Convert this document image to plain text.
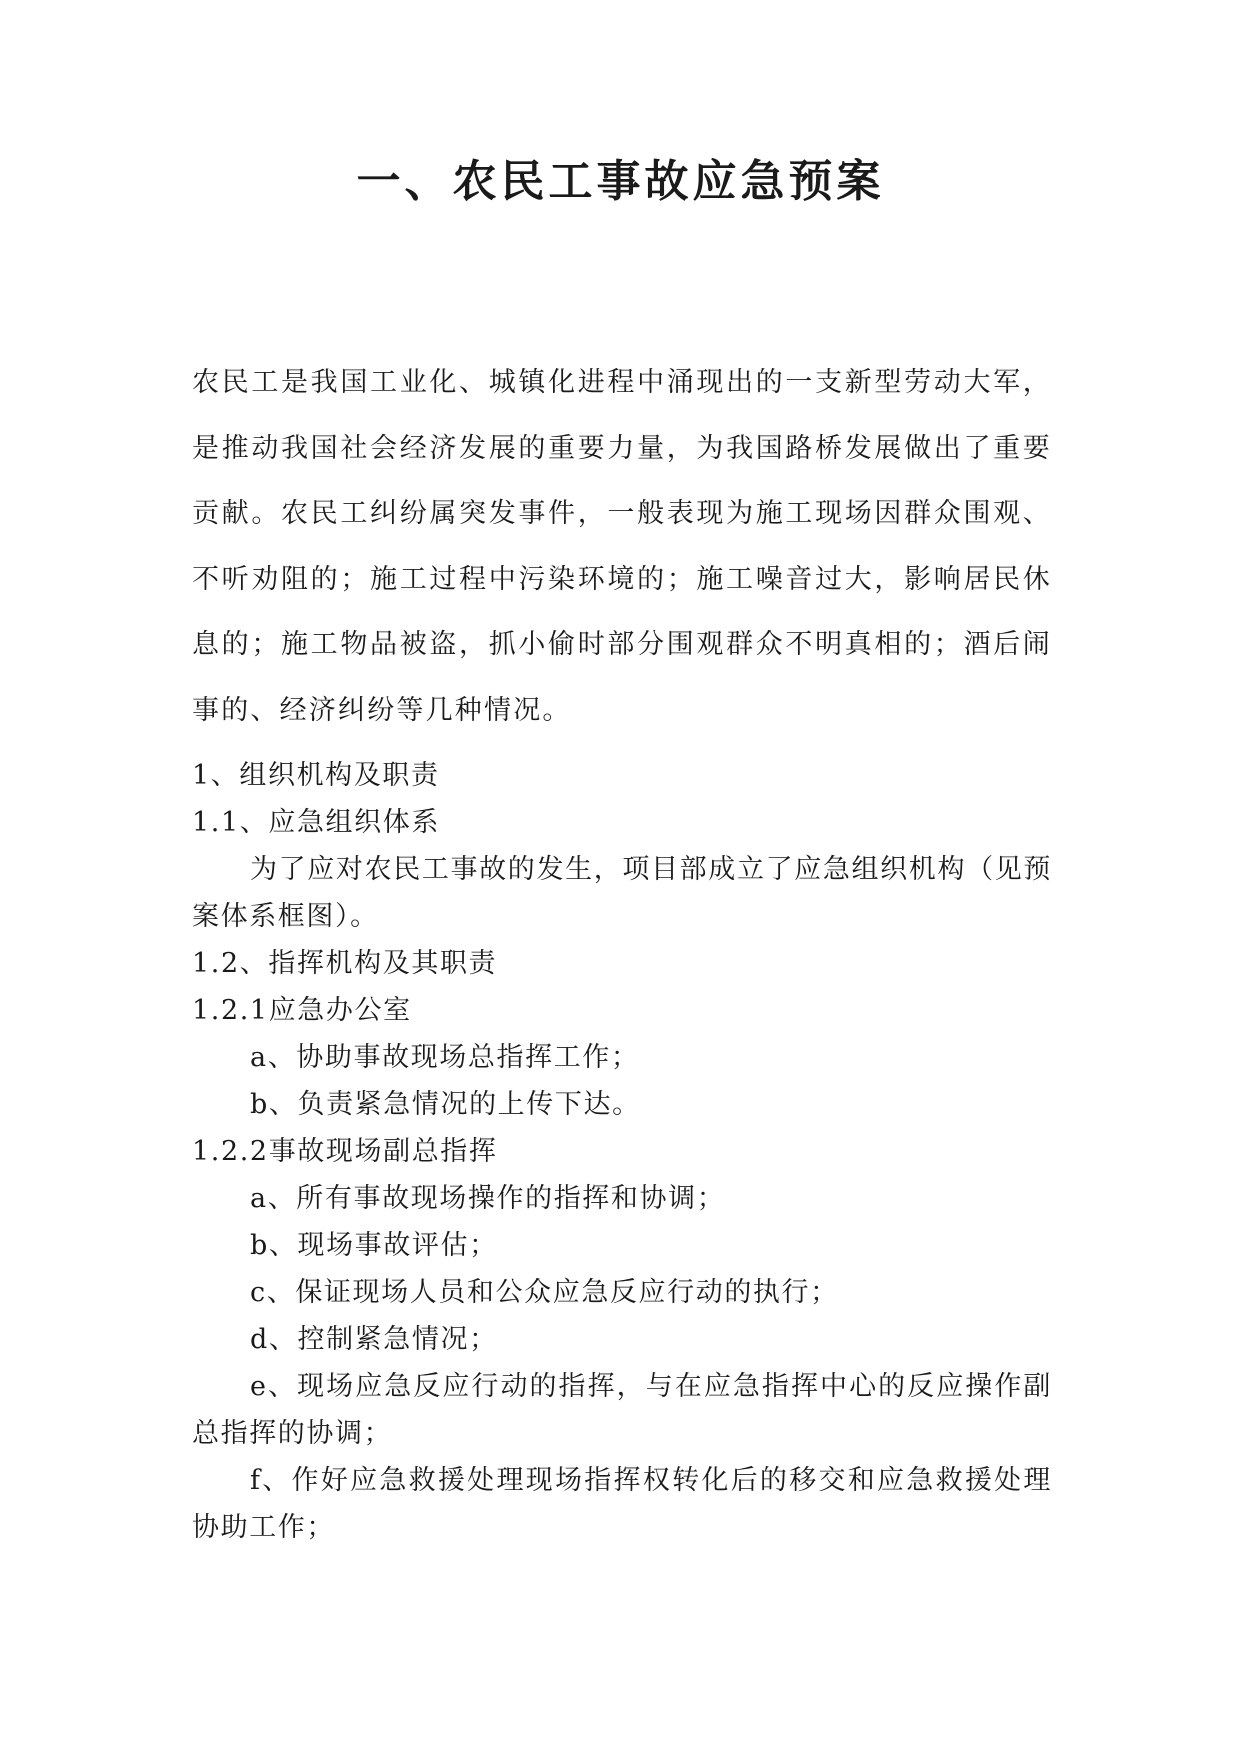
一、农民工事故应急预案

农民工是我国工业化、城镇化进程中涌现出的一支新型劳动大军，是推动我国社会经济发展的重要力量，为我国路桥发展做出了重要贡献。农民工纠纷属突发事件，一般表现为施工现场因群众围观、不听劝阻的；施工过程中污染环境的；施工噪音过大，影响居民休息的；施工物品被盗，抓小偷时部分围观群众不明真相的；酒后闹事的、经济纠纷等几种情况。

1、组织机构及职责

1.1、应急组织体系

为了应对农民工事故的发生，项目部成立了应急组织机构（见预案体系框图）。

1.2、指挥机构及其职责

1.2.1应急办公室

a、协助事故现场总指挥工作；

b、负责紧急情况的上传下达。

1.2.2事故现场副总指挥

a、所有事故现场操作的指挥和协调；

b、现场事故评估；

c、保证现场人员和公众应急反应行动的执行；

d、控制紧急情况；

e、现场应急反应行动的指挥，与在应急指挥中心的反应操作副总指挥的协调；

f、作好应急救援处理现场指挥权转化后的移交和应急救援处理协助工作；
